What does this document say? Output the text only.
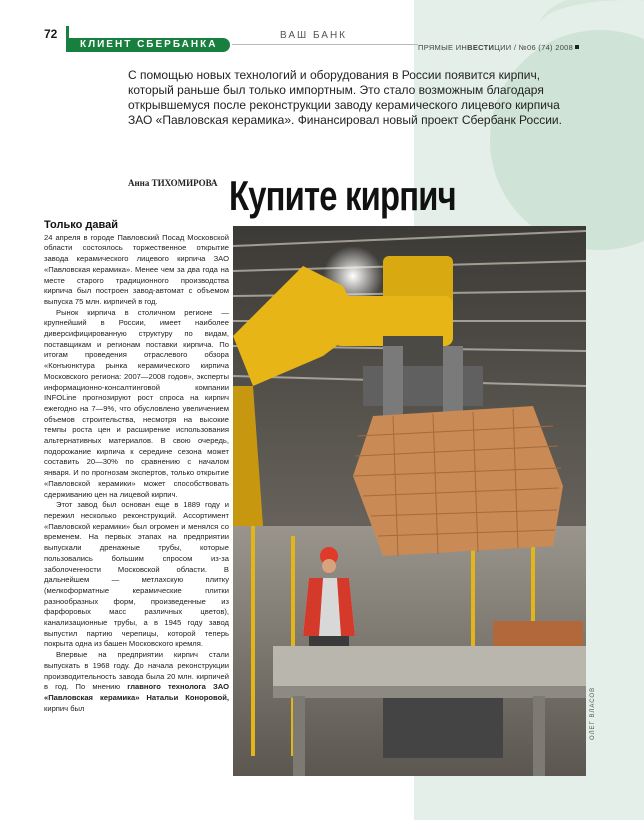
72	ВАШ БАНК
КЛИЕНТ СБЕРБАНКА	ПРЯМЫЕ ИНВЕСТИЦИИ / №06 (74) 2008
С помощью новых технологий и оборудования в России появится кирпич, который раньше был только импортным. Это стало возможным благодаря открывшемуся после реконструкции заводу керамического лицевого кирпича ЗАО «Павловская керамика». Финансировал новый проект Сбербанк России.
Анна ТИХОМИРОВА Купите кирпич
Только давай

24 апреля в городе Павловский Посад Московской области состоялось торжественное открытие завода керамического лицевого кирпича ЗАО «Павловская керамика». Менее чем за два года на месте старого традиционного производства кирпича был построен завод-автомат с объемом выпуска 75 млн. кирпичей в год.

Рынок кирпича в столичном регионе — крупнейший в России, имеет наиболее диверсифицированную структуру по видам, поставщикам и регионам поставки кирпича. По итогам проведения отраслевого обзора «Конъюнктура рынка керамического кирпича Московского региона: 2007—2008 годов», эксперты информационно-консалтинговой компании INFOLine прогнозируют рост спроса на кирпич ежегодно на 7—9%, что обусловлено увеличением объемов строительства, несмотря на высокие темпы роста цен и расширение использования альтернативных материалов. В свою очередь, подорожание кирпича к середине сезона может составить 20—30% по сравнению с началом января. И по прогнозам экспертов, только открытие «Павловской керамики» может способствовать сдерживанию цен на лицевой кирпич.

Этот завод был основан еще в 1889 году и пережил несколько реконструкций. Ассортимент «Павловской керамики» был огромен и менялся со временем. На первых этапах на предприятии выпускали дренажные трубы, которые пользовались большим спросом из-за заболоченности Московской области. В дальнейшем — метлахскую плитку (мелкоформатные керамические плитки разнообразных форм, произведенные из фарфоровых масс различных цветов), канализационные трубы, а в 1945 году завод выпустил партию черепицы, которой теперь покрыта одна из башен Московского кремля.

Впервые на предприятии кирпич стали выпускать в 1968 году. До начала реконструкции производительность завода была 20 млн. кирпичей в год. По мнению главного технолога ЗАО «Павловская керамика» Натальи Коноровой, кирпич был	ОЛЕГ ВЛАСОВ
